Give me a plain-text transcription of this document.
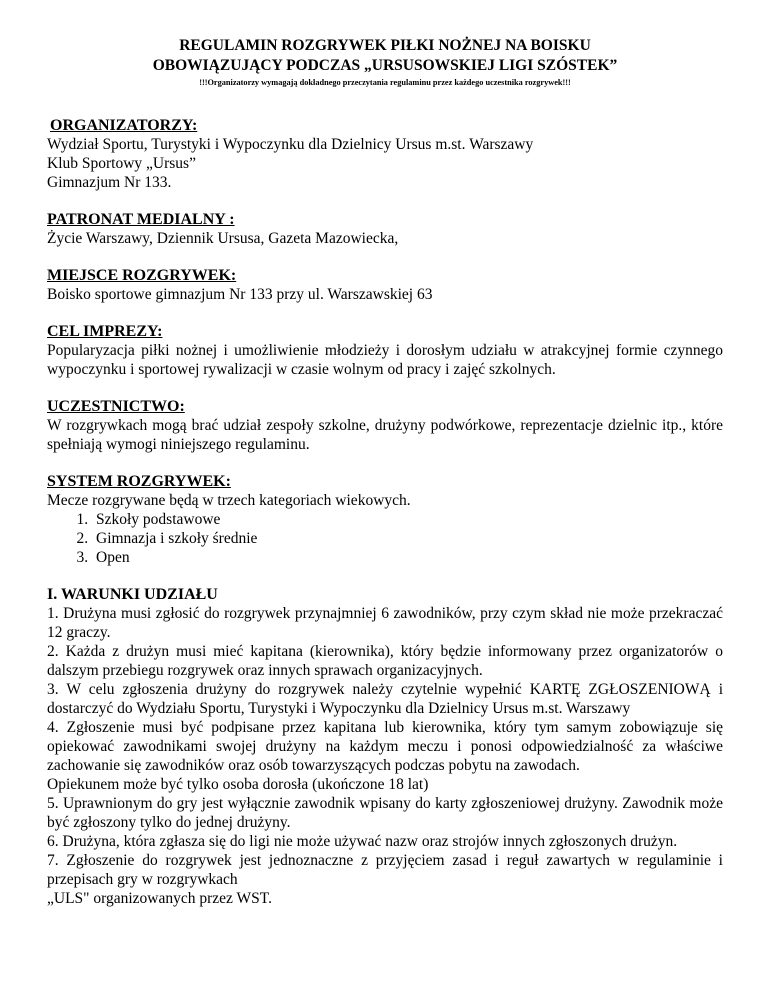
REGULAMIN ROZGRYWEK PIŁKI NOŻNEJ NA BOISKU
OBOWIĄZUJĄCY PODCZAS „URSUSOWSKIEJ LIGI SZÓSTEK”
!!!Organizatorzy wymagają dokładnego przeczytania regulaminu przez każdego uczestnika rozgrywek!!!
ORGANIZATORZY:
Wydział Sportu, Turystyki i Wypoczynku dla Dzielnicy Ursus m.st. Warszawy
Klub Sportowy „Ursus”
Gimnazjum Nr 133.
PATRONAT MEDIALNY :
Życie Warszawy, Dziennik Ursusa, Gazeta Mazowiecka,
MIEJSCE ROZGRYWEK:
Boisko sportowe gimnazjum Nr 133 przy ul. Warszawskiej 63
CEL IMPREZY:
Popularyzacja piłki nożnej i umożliwienie młodzieży i dorosłym udziału w atrakcyjnej formie czynnego wypoczynku i sportowej rywalizacji w czasie wolnym od pracy i zajęć szkolnych.
UCZESTNICTWO:
W rozgrywkach mogą brać udział zespoły szkolne, drużyny podwórkowe, reprezentacje dzielnic itp., które spełniają wymogi niniejszego regulaminu.
SYSTEM ROZGRYWEK:
Mecze rozgrywane będą w trzech kategoriach wiekowych.
1. Szkoły podstawowe
2. Gimnazja i szkoły średnie
3. Open
I. WARUNKI UDZIAŁU
1. Drużyna musi zgłosić do rozgrywek przynajmniej 6 zawodników, przy czym skład nie może przekraczać 12 graczy.
2. Każda z drużyn musi mieć kapitana (kierownika), który będzie informowany przez organizatorów o dalszym przebiegu rozgrywek oraz innych sprawach organizacyjnych.
3. W celu zgłoszenia drużyny do rozgrywek należy czytelnie wypełnić KARTĘ ZGŁOSZENIOWĄ i dostarczyć do Wydziału Sportu, Turystyki i Wypoczynku dla Dzielnicy Ursus m.st. Warszawy
4. Zgłoszenie musi być podpisane przez kapitana lub kierownika, który tym samym zobowiązuje się opiekować zawodnikami swojej drużyny na każdym meczu i ponosi odpowiedzialność za właściwe zachowanie się zawodników oraz osób towarzyszących podczas pobytu na zawodach.
Opiekunem może być tylko osoba dorosła (ukończone 18 lat)
5. Uprawnionym do gry jest wyłącznie zawodnik wpisany do karty zgłoszeniowej drużyny. Zawodnik może być zgłoszony tylko do jednej drużyny.
6. Drużyna, która zgłasza się do ligi nie może używać nazw oraz strojów innych zgłoszonych drużyn.
7. Zgłoszenie do rozgrywek jest jednoznaczne z przyjęciem zasad i reguł zawartych w regulaminie i przepisach gry w rozgrywkach
„ULS" organizowanych przez WST.
